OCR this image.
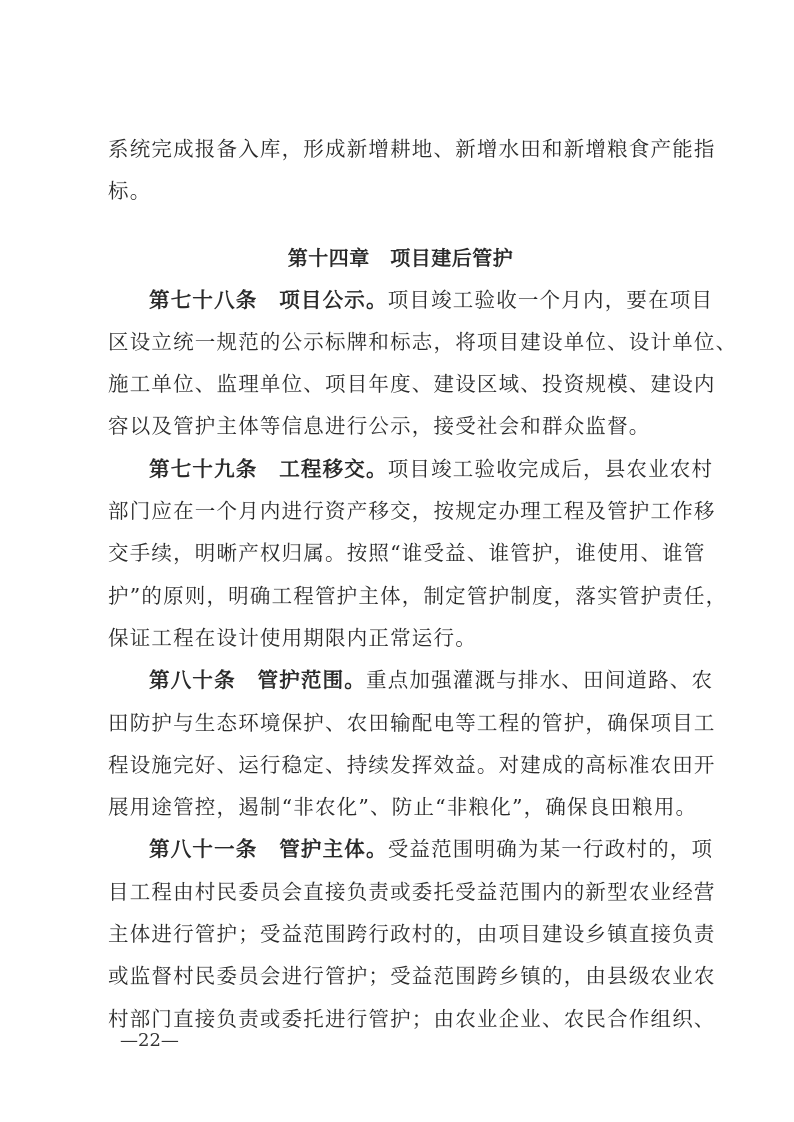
系统完成报备入库，形成新增耕地、新增水田和新增粮食产能指
标。

第十四章　项目建后管护

第七十八条　项目公示。项目竣工验收一个月内，要在项目
区设立统一规范的公示标牌和标志，将项目建设单位、设计单位、
施工单位、监理单位、项目年度、建设区域、投资规模、建设内
容以及管护主体等信息进行公示，接受社会和群众监督。

第七十九条　工程移交。项目竣工验收完成后，县农业农村
部门应在一个月内进行资产移交，按规定办理工程及管护工作移
交手续，明晰产权归属。按照“谁受益、谁管护，谁使用、谁管
护”的原则，明确工程管护主体，制定管护制度，落实管护责任，
保证工程在设计使用期限内正常运行。

第八十条　管护范围。重点加强灌溉与排水、田间道路、农
田防护与生态环境保护、农田输配电等工程的管护，确保项目工
程设施完好、运行稳定、持续发挥效益。对建成的高标准农田开
展用途管控，遏制“非农化”、防止“非粮化”，确保良田粮用。

第八十一条　管护主体。受益范围明确为某一行政村的，项
目工程由村民委员会直接负责或委托受益范围内的新型农业经营
主体进行管护；受益范围跨行政村的，由项目建设乡镇直接负责
或监督村民委员会进行管护；受益范围跨乡镇的，由县级农业农
村部门直接负责或委托进行管护；由农业企业、农民合作组织、

—22—
